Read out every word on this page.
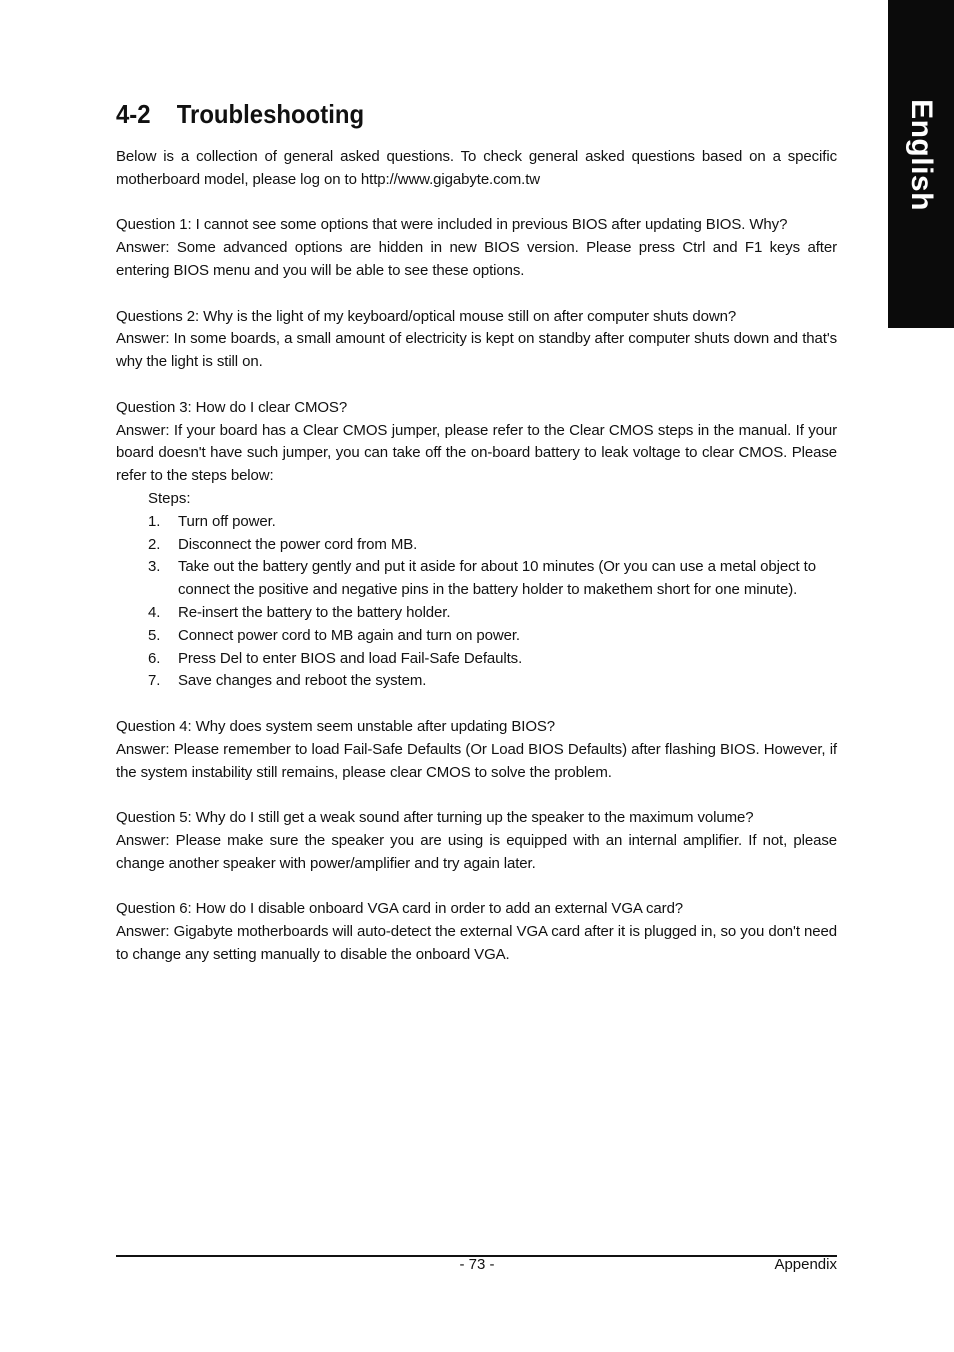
English
4-2 Troubleshooting

Below is a collection of general asked questions. To check general asked questions based on a specific motherboard model, please log on to http://www.gigabyte.com.tw

Question 1: I cannot see some options that were included in previous BIOS after updating BIOS. Why?

Answer: Some advanced options are hidden in new BIOS version. Please press Ctrl and F1 keys after entering BIOS menu and you will be able to see these options.

Questions 2: Why is the light of my keyboard/optical mouse still on after computer shuts down?

Answer: In some boards, a small amount of electricity is kept on standby after computer shuts down and that's why the light is still on.

Question 3: How do I clear CMOS?

Answer: If your board has a Clear CMOS jumper, please refer to the Clear CMOS steps in the manual. If your board doesn't have such jumper, you can take off the on-board battery to leak voltage to clear CMOS. Please refer to the steps below:

Steps:

1. Turn off power.
2. Disconnect the power cord from MB.
3. Take out the battery gently and put it aside for about 10 minutes (Or you can use a metal object to connect the positive and negative pins in the battery holder to makethem short for one minute).
4. Re-insert the battery to the battery holder.
5. Connect power cord to MB again and turn on power.
6. Press Del to enter BIOS and load Fail-Safe Defaults.
7. Save changes and reboot the system.

Question 4: Why does system seem unstable after updating BIOS?

Answer: Please remember to load Fail-Safe Defaults (Or Load BIOS Defaults) after flashing BIOS. However, if the system instability still remains, please clear CMOS to solve the problem.

Question 5: Why do I still get a weak sound after turning up the speaker to the maximum volume?

Answer: Please make sure the speaker you are using is equipped with an internal amplifier. If not, please change another speaker with power/amplifier and try again later.

Question 6: How do I disable onboard VGA card in order to add an external VGA card?

Answer: Gigabyte motherboards will auto-detect the external VGA card after it is plugged in, so you don't need to change any setting manually to disable the onboard VGA.

- 73 -	Appendix
